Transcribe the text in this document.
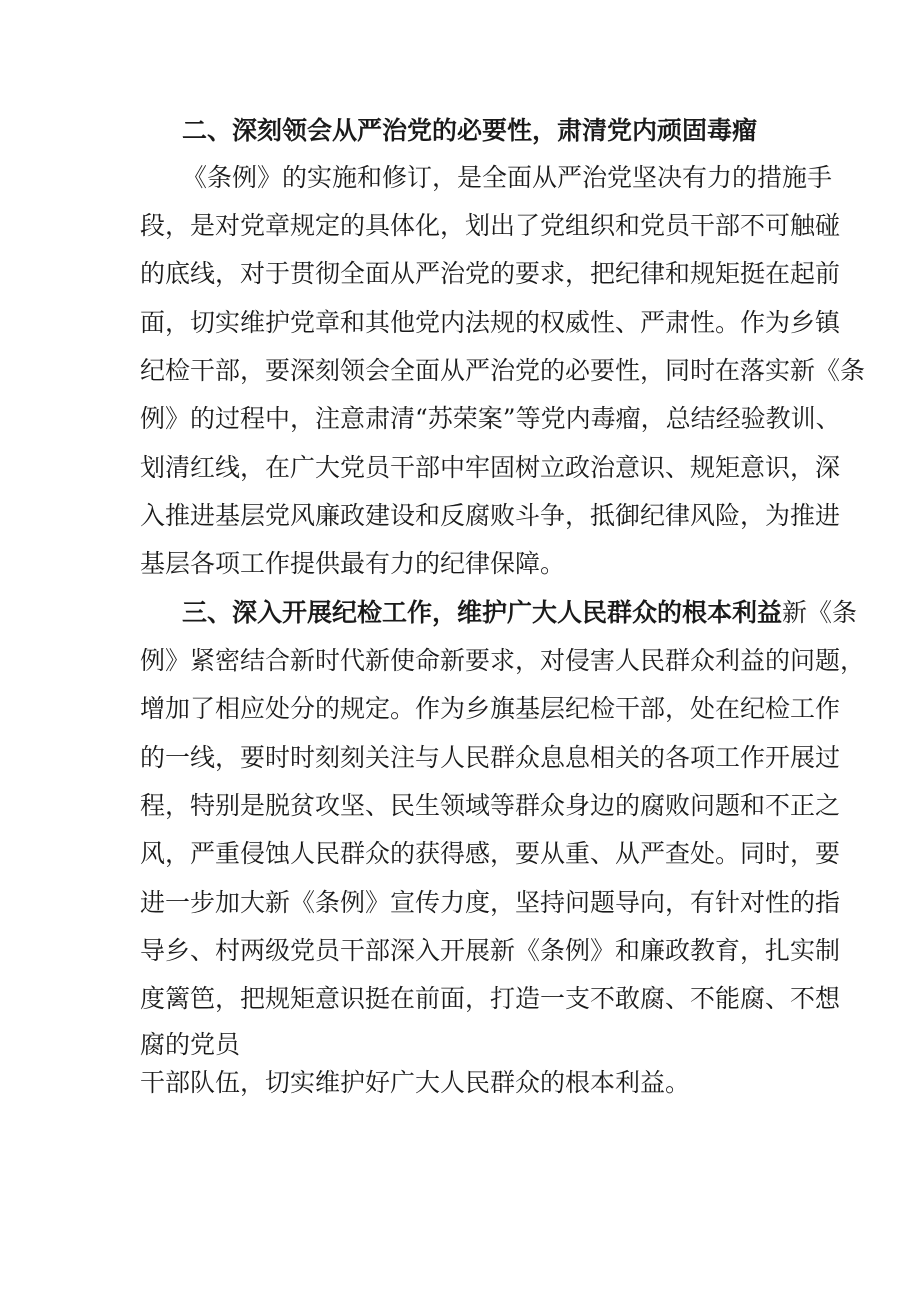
二、深刻领会从严治党的必要性，肃清党内顽固毒瘤
《条例》的实施和修订，是全面从严治党坚决有力的措施手
段，是对党章规定的具体化，划出了党组织和党员干部不可触碰
的底线，对于贯彻全面从严治党的要求，把纪律和规矩挺在起前
面，切实维护党章和其他党内法规的权威性、严肃性。作为乡镇
纪检干部，要深刻领会全面从严治党的必要性，同时在落实新《条
例》的过程中，注意肃清“苏荣案”等党内毒瘤，总结经验教训、
划清红线，在广大党员干部中牢固树立政治意识、规矩意识，深
入推进基层党风廉政建设和反腐败斗争，抵御纪律风险，为推进
基层各项工作提供最有力的纪律保障。
三、深入开展纪检工作，维护广大人民群众的根本利益新《条
例》紧密结合新时代新使命新要求，对侵害人民群众利益的问题，
增加了相应处分的规定。作为乡旗基层纪检干部，处在纪检工作
的一线，要时时刻刻关注与人民群众息息相关的各项工作开展过
程，特别是脱贫攻坚、民生领域等群众身边的腐败问题和不正之
风，严重侵蚀人民群众的获得感，要从重、从严查处。同时，要
进一步加大新《条例》宣传力度，坚持问题导向，有针对性的指
导乡、村两级党员干部深入开展新《条例》和廉政教育，扎实制
度篱笆，把规矩意识挺在前面，打造一支不敢腐、不能腐、不想
腐的党员
干部队伍，切实维护好广大人民群众的根本利益。
